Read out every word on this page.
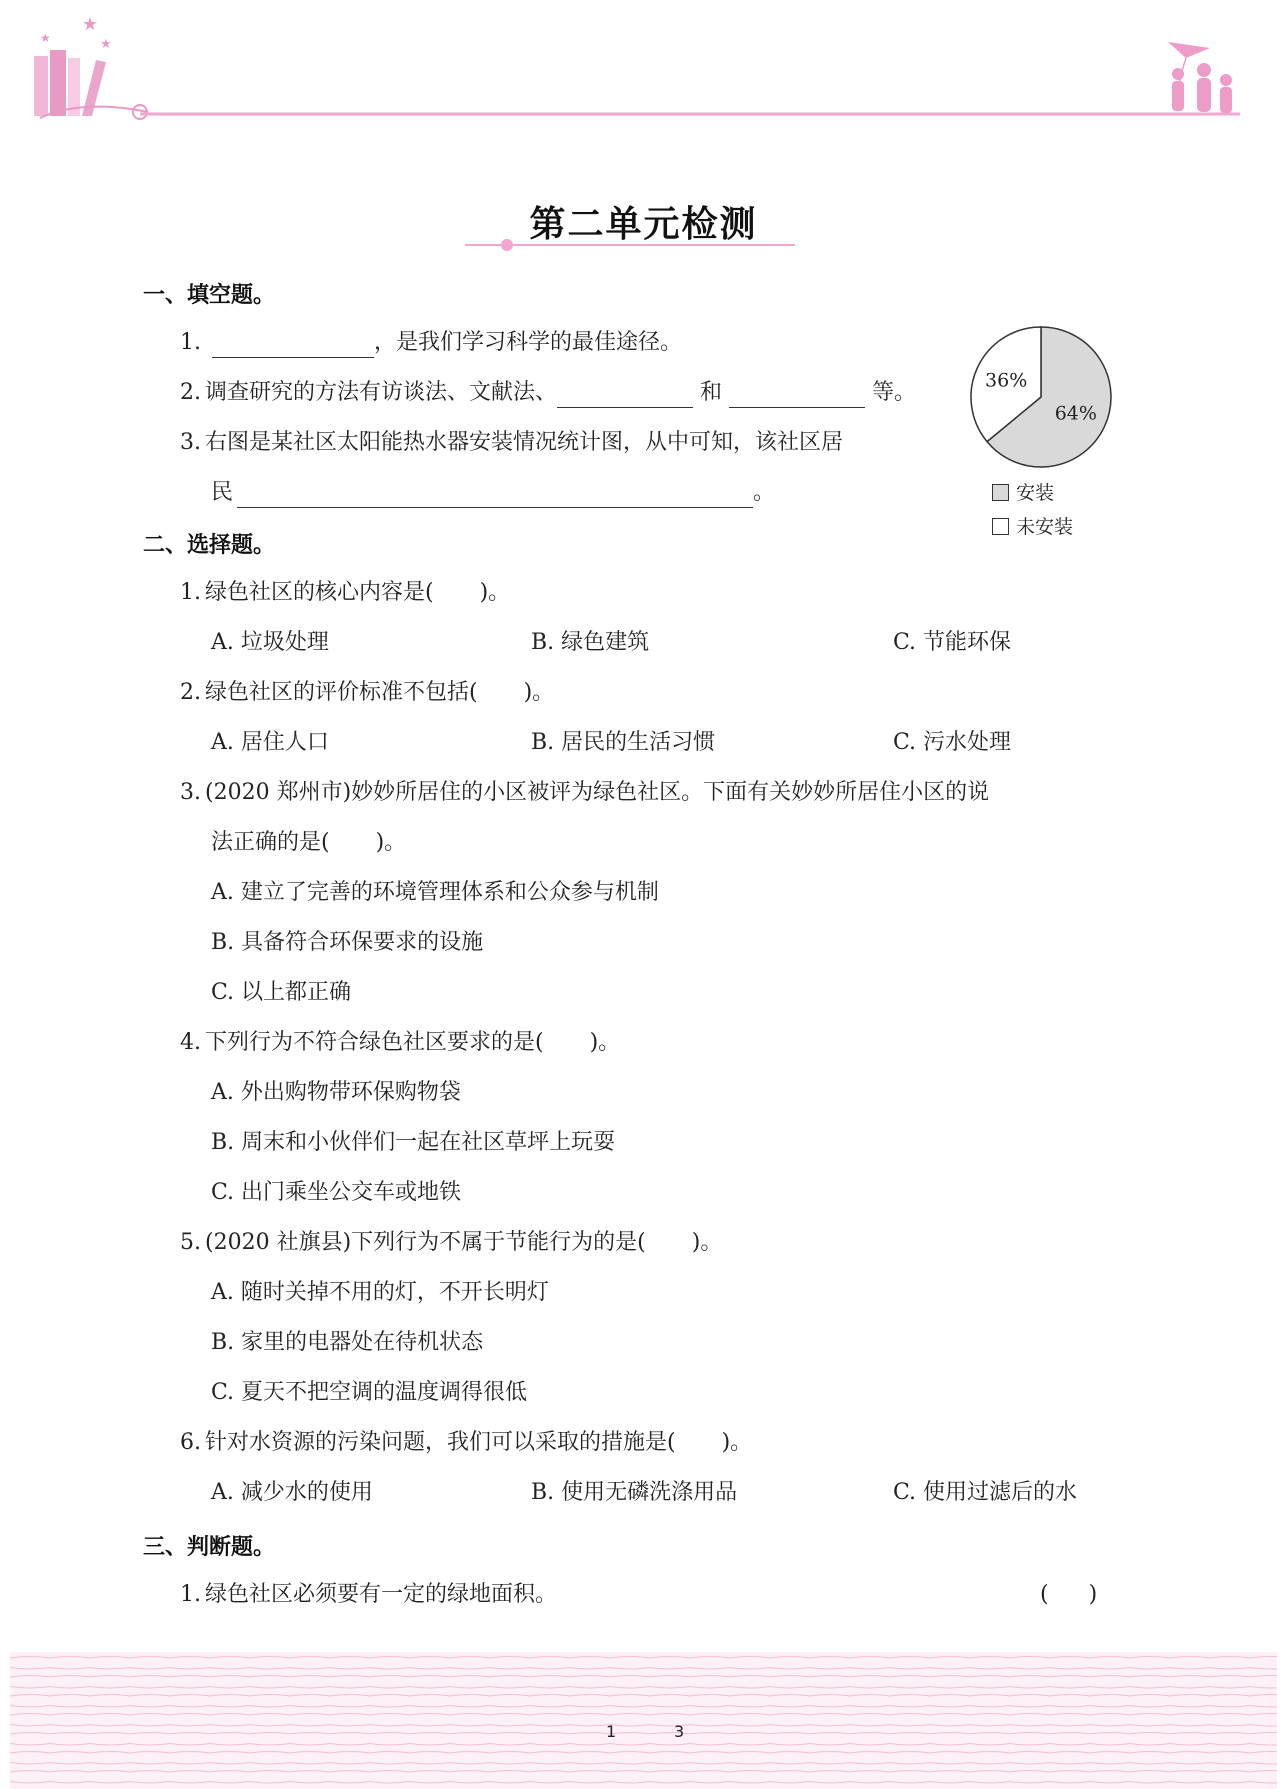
★
★
★
第二单元检测
一、填空题。
1.	，是我们学习科学的最佳途径。
2. 调查研究的方法有访谈法、文献法、	和	等。
3. 右图是某社区太阳能热水器安装情况统计图，从中可知，该社区居
民	。
64%
36%
安装
未安装
二、选择题。
1. 绿色社区的核心内容是( )。
A. 垃圾处理	B. 绿色建筑	C. 节能环保
2. 绿色社区的评价标准不包括( )。
A. 居住人口	B. 居民的生活习惯	C. 污水处理
3. (2020 郑州市)妙妙所居住的小区被评为绿色社区。下面有关妙妙所居住小区的说
法正确的是( )。
A. 建立了完善的环境管理体系和公众参与机制
B. 具备符合环保要求的设施
C. 以上都正确
4. 下列行为不符合绿色社区要求的是( )。
A. 外出购物带环保购物袋
B. 周末和小伙伴们一起在社区草坪上玩耍
C. 出门乘坐公交车或地铁
5. (2020 社旗县)下列行为不属于节能行为的是( )。
A. 随时关掉不用的灯，不开长明灯
B. 家里的电器处在待机状态
C. 夏天不把空调的温度调得很低
6. 针对水资源的污染问题，我们可以采取的措施是( )。
A. 减少水的使用	B. 使用无磷洗涤用品	C. 使用过滤后的水
三、判断题。
1. 绿色社区必须要有一定的绿地面积。	( )
1	3
